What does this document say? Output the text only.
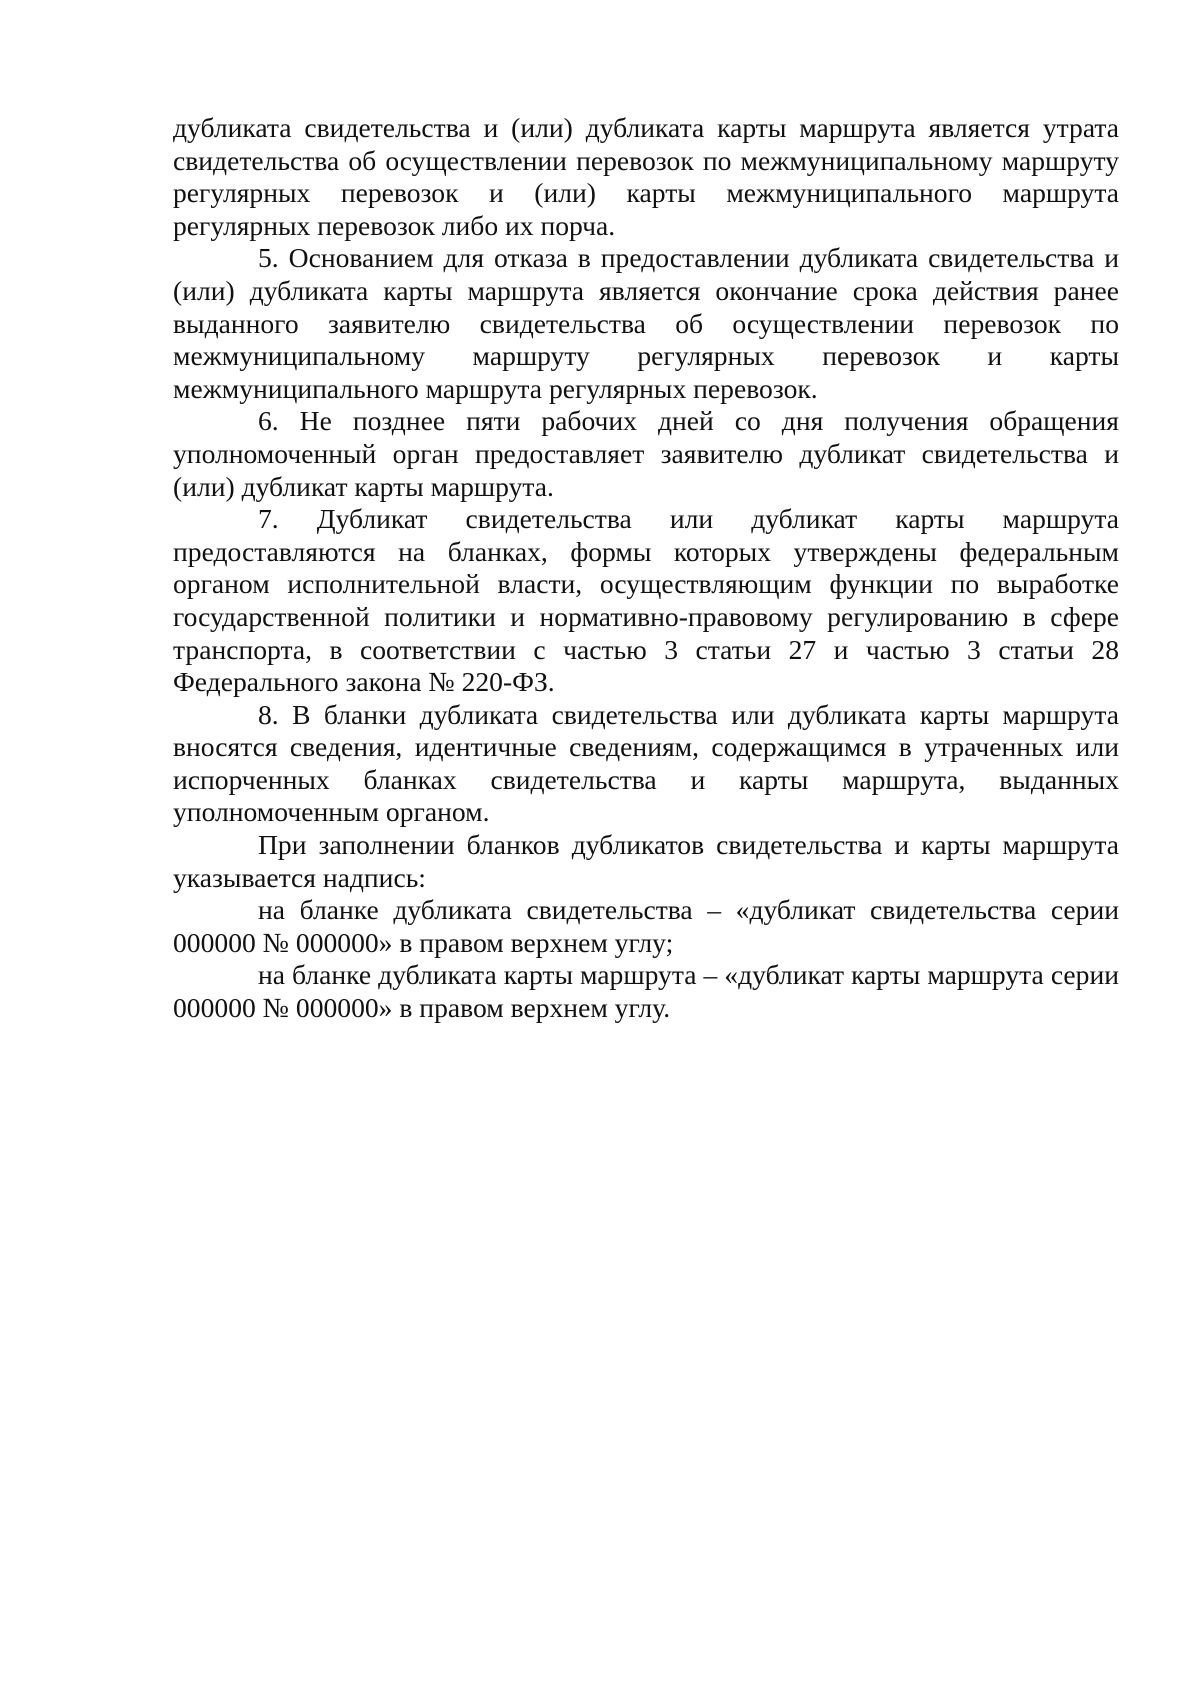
дубликата свидетельства и (или) дубликата карты маршрута является утрата свидетельства об осуществлении перевозок по межмуниципальному маршруту регулярных перевозок и (или) карты межмуниципального маршрута регулярных перевозок либо их порча.

5. Основанием для отказа в предоставлении дубликата свидетельства и (или) дубликата карты маршрута является окончание срока действия ранее выданного заявителю свидетельства об осуществлении перевозок по межмуниципальному маршруту регулярных перевозок и карты межмуниципального маршрута регулярных перевозок.

6. Не позднее пяти рабочих дней со дня получения обращения уполномоченный орган предоставляет заявителю дубликат свидетельства и (или) дубликат карты маршрута.

7. Дубликат свидетельства или дубликат карты маршрута предоставляются на бланках, формы которых утверждены федеральным органом исполнительной власти, осуществляющим функции по выработке государственной политики и нормативно-правовому регулированию в сфере транспорта, в соответствии с частью 3 статьи 27 и частью 3 статьи 28 Федерального закона № 220-ФЗ.

8. В бланки дубликата свидетельства или дубликата карты маршрута вносятся сведения, идентичные сведениям, содержащимся в утраченных или испорченных бланках свидетельства и карты маршрута, выданных уполномоченным органом.

При заполнении бланков дубликатов свидетельства и карты маршрута указывается надпись:

на бланке дубликата свидетельства – «дубликат свидетельства серии 000000 № 000000» в правом верхнем углу;

на бланке дубликата карты маршрута – «дубликат карты маршрута серии 000000 № 000000» в правом верхнем углу.
